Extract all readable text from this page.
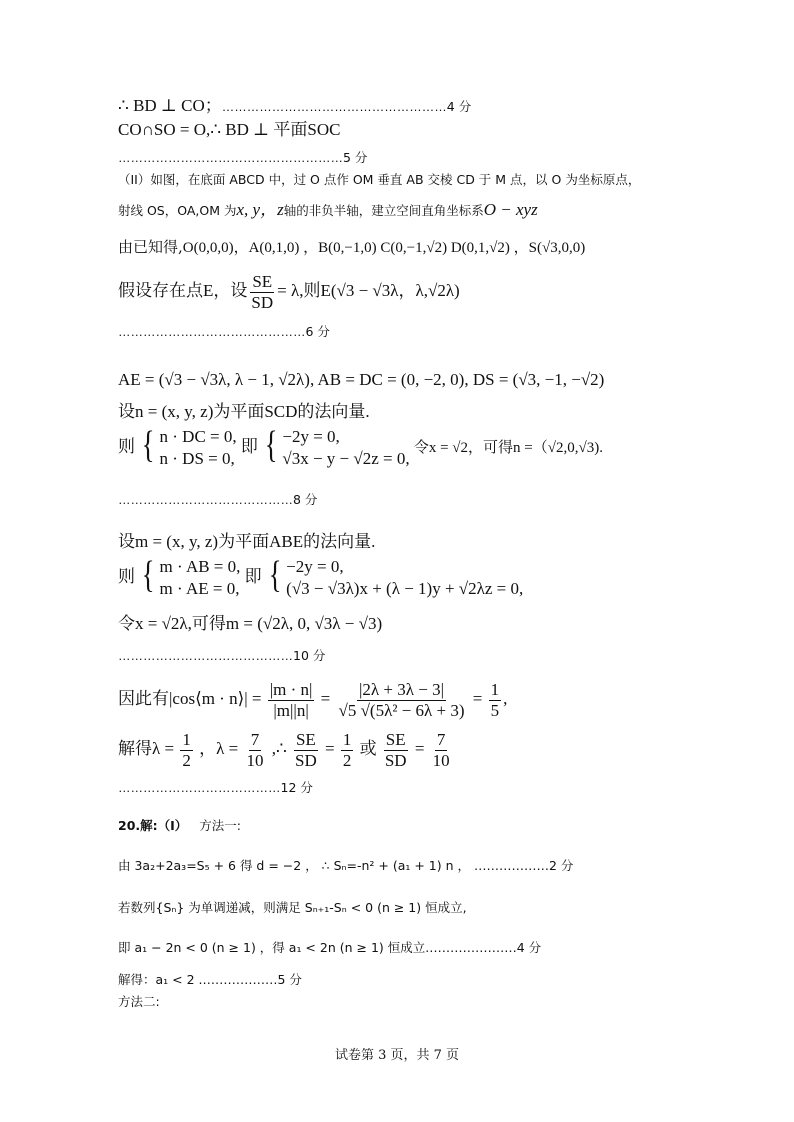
∴ BD ⊥ CO；………………………………………………4 分
CO∩SO = O,∴ BD ⊥ 平面SOC
………………………………………………5 分
（II）如图，在底面 ABCD 中，过 O 点作 OM 垂直 AB 交棱 CD 于 M 点，以 O 为坐标原点，
射线 OS，OA,OM 为x, y，z轴的非负半轴，建立空间直角坐标系O − xyz
由已知得,O(0,0,0)，A(0,1,0) ，B(0,−1,0) C(0,−1,√2) D(0,1,√2) ，S(√3,0,0)
假设存在点E，设 $\frac{SE}{SD} = \lambda$,则E(√3 − √3λ，λ,√2λ)
………………………………………6 分
AE = (√3 − √3λ, λ − 1, √2λ), AB = DC = (0, −2, 0), DS = (√3, −1, −√2)
设n = (x, y, z)为平面SCD的法向量.
则 { n · DC = 0,
n · DS = 0,
即 { −2y = 0,
√3x − y − √2z = 0,
令x = √2，可得n =（√2,0,√3).
……………………………………8 分
设m = (x, y, z)为平面ABE的法向量.
则 { m · AB = 0,
m · AE = 0,
即 { −2y = 0,
(√3 − √3λ)x + (λ − 1)y + √2λz = 0,
令x = √2λ,可得m = (√2λ, 0, √3λ − √3)
……………………………………10 分
因此有|cos⟨m · n⟩| = $\frac{|m \cdot n|}{|m||n|} = \frac{|2\lambda + 3\lambda - 3|}{\text{√5 √(5λ² − 6λ + 3)}} = \frac{1}{5}$ ,
解得$\lambda = \frac{1}{2}$ ，$\lambda = \frac{7}{10}$ ,∴ $\frac{SE}{SD} = \frac{1}{2}$ 或 $\frac{SE}{SD} = \frac{7}{10}$
…………………………………12 分
20.解:（I） 方法一:
由 3a₂+2a₃=S₅ + 6 得 d = −2 ， ∴ Sₙ=-n² + (a₁ + 1) n ， ………………2 分
若数列{Sₙ} 为单调递减，则满足 Sₙ₊₁-Sₙ < 0 (n ≥ 1) 恒成立,
即 a₁ − 2n < 0 (n ≥ 1) ，得 a₁ < 2n (n ≥ 1) 恒成立.…………………4 分
解得：a₁ < 2 .………………5 分
方法二:
试卷第 3 页，共 7 页
